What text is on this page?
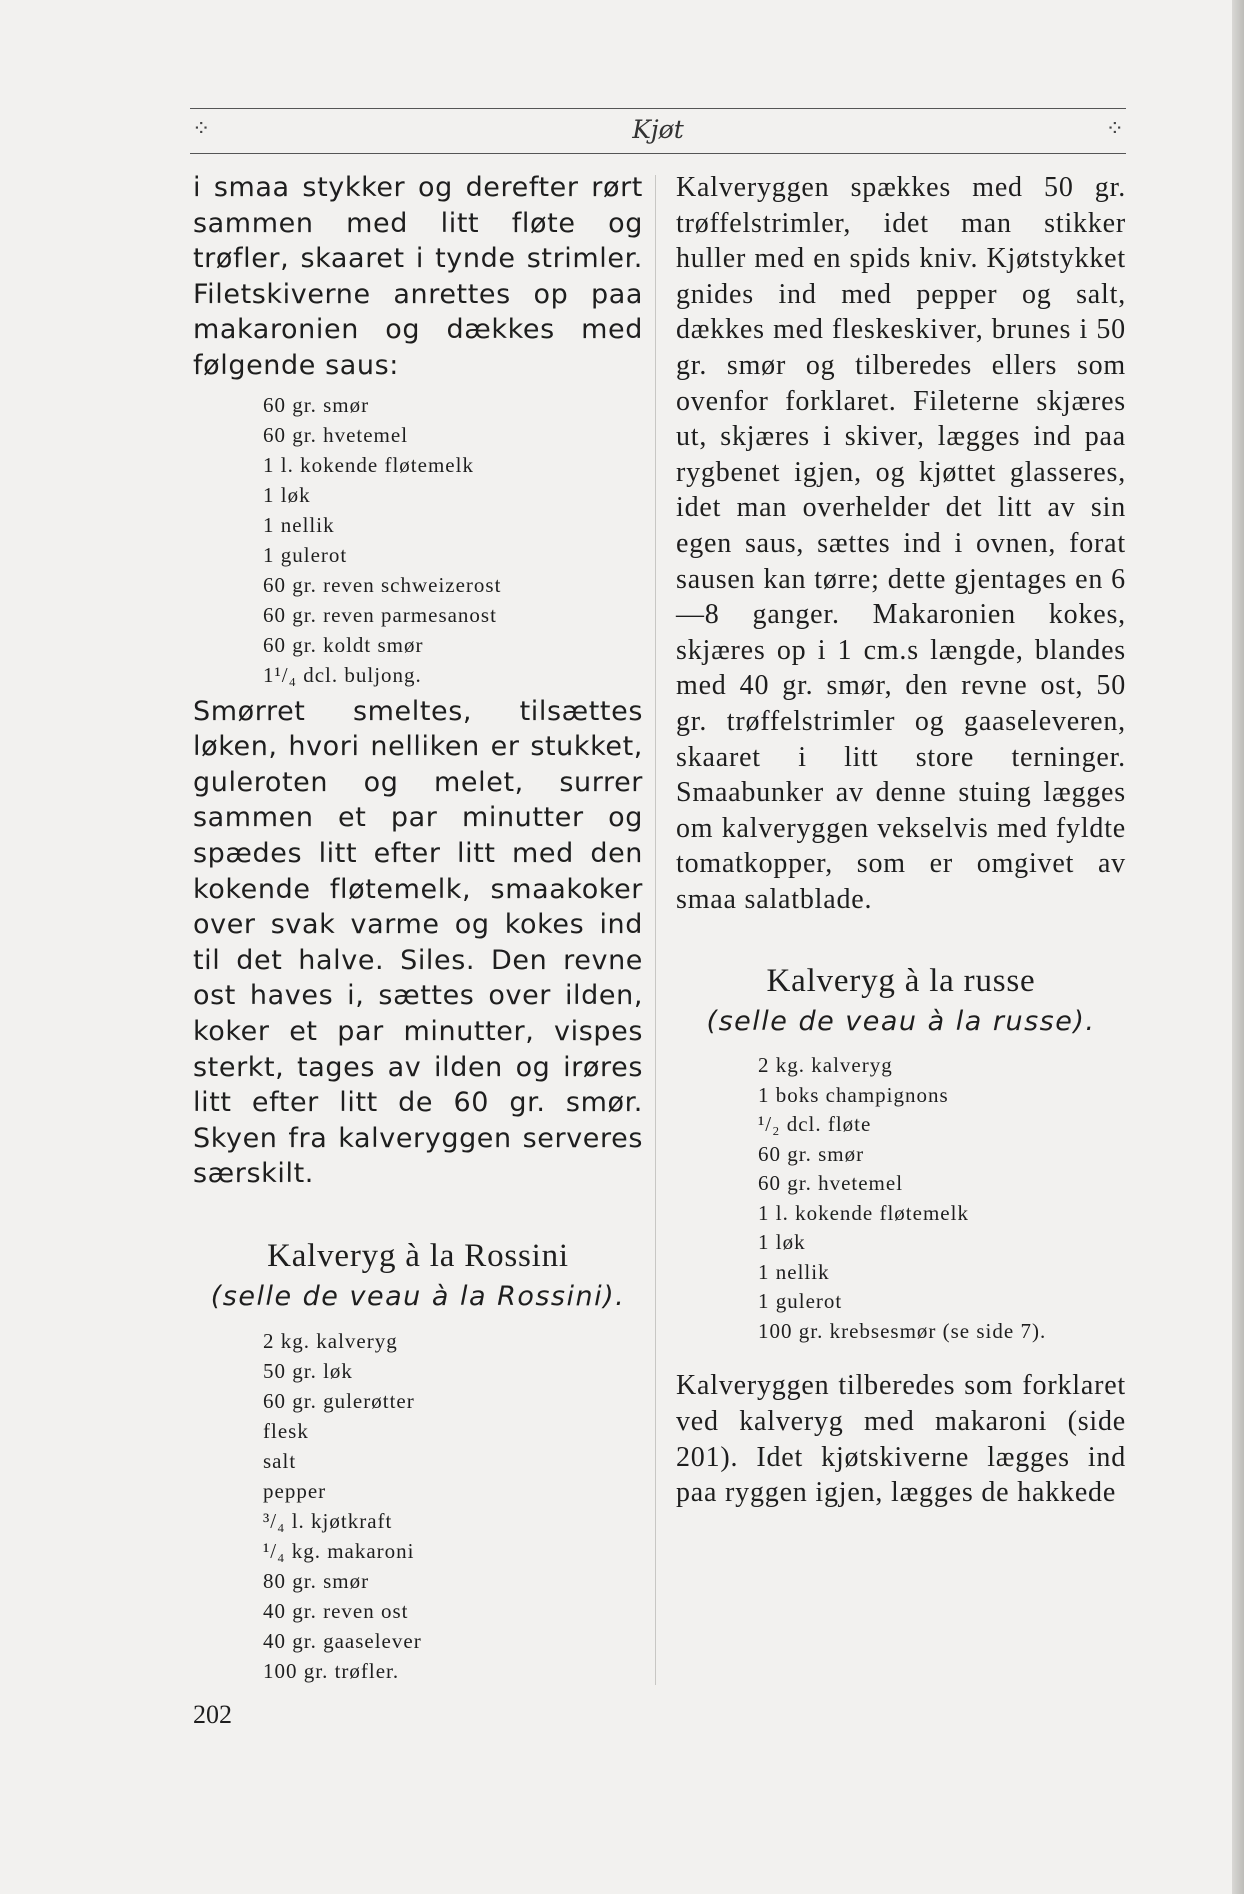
⁘	Kjøt	⁘

i smaa stykker og derefter rørt sammen med litt fløte og trøfler, skaaret i tynde strimler. Filetskiverne anrettes op paa makaronien og dækkes med følgende saus:

60 gr. smør
60 gr. hvetemel
1 l. kokende fløtemelk
1 løk
1 nellik
1 gulerot
60 gr. reven schweizerost
60 gr. reven parmesanost
60 gr. koldt smør
1¹/₄ dcl. buljong.

Smørret smeltes, tilsættes løken, hvori nelliken er stukket, guleroten og melet, surrer sammen et par minutter og spædes litt efter litt med den kokende fløtemelk, smaakoker over svak varme og kokes ind til det halve. Siles. Den revne ost haves i, sættes over ilden, koker et par minutter, vispes sterkt, tages av ilden og irøres litt efter litt de 60 gr. smør. Skyen fra kalveryggen serveres særskilt.

Kalveryg à la Rossini
(selle de veau à la Rossini).
2 kg. kalveryg
50 gr. løk
60 gr. gulerøtter
flesk
salt
pepper
³/₄ l. kjøtkraft
¹/₄ kg. makaroni
80 gr. smør
40 gr. reven ost
40 gr. gaaselever
100 gr. trøfler.

Kalveryggen spækkes med 50 gr. trøffelstrimler, idet man stikker huller med en spids kniv. Kjøtstykket gnides ind med pepper og salt, dækkes med fleskeskiver, brunes i 50 gr. smør og tilberedes ellers som ovenfor forklaret. Fileterne skjæres ut, skjæres i skiver, lægges ind paa rygbenet igjen, og kjøttet glasseres, idet man overhelder det litt av sin egen saus, sættes ind i ovnen, forat sausen kan tørre; dette gjentages en 6—8 ganger. Makaronien kokes, skjæres op i 1 cm.s længde, blandes med 40 gr. smør, den revne ost, 50 gr. trøffelstrimler og gaaseleveren, skaaret i litt store terninger. Smaabunker av denne stuing lægges om kalveryggen vekselvis med fyldte tomatkopper, som er omgivet av smaa salatblade.

Kalveryg à la russe
(selle de veau à la russe).
2 kg. kalveryg
1 boks champignons
¹/₂ dcl. fløte
60 gr. smør
60 gr. hvetemel
1 l. kokende fløtemelk
1 løk
1 nellik
1 gulerot
100 gr. krebsesmør (se side 7).

Kalveryggen tilberedes som forklaret ved kalveryg med makaroni (side 201). Idet kjøtskiverne lægges ind paa ryggen igjen, lægges de hakkede

202
